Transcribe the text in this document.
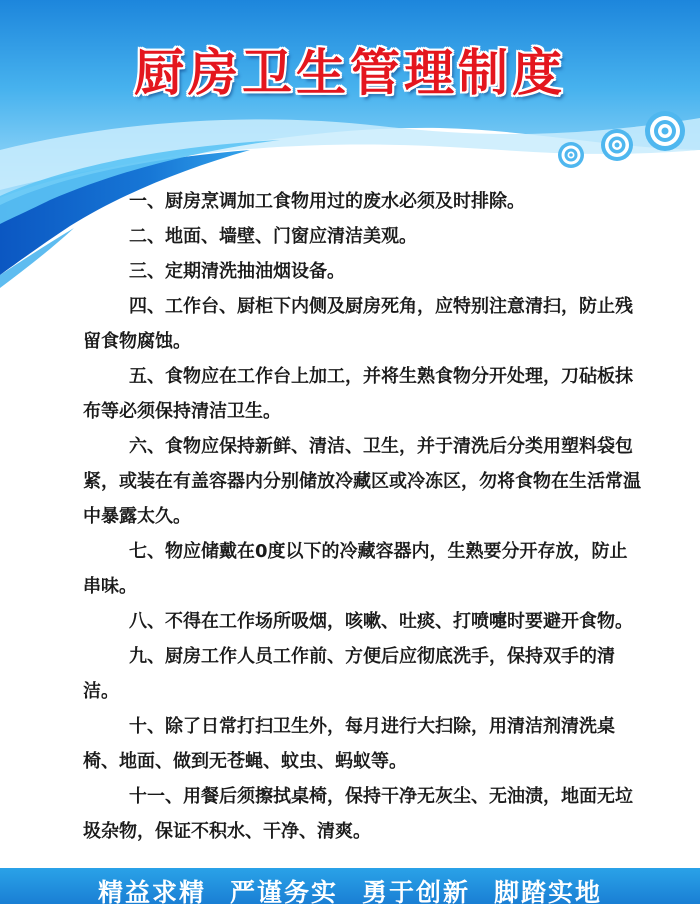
厨房卫生管理制度

一、厨房烹调加工食物用过的废水必须及时排除。

二、地面、墙壁、门窗应清洁美观。

三、定期清洗抽油烟设备。

四、工作台、厨柜下内侧及厨房死角，应特别注意清扫，防止残留食物腐蚀。

五、食物应在工作台上加工，并将生熟食物分开处理，刀砧板抹布等必须保持清洁卫生。

六、食物应保持新鲜、清洁、卫生，并于清洗后分类用塑料袋包紧，或装在有盖容器内分别储放冷藏区或冷冻区，勿将食物在生活常温中暴露太久。

七、物应储戴在0度以下的冷藏容器内，生熟要分开存放，防止串味。

八、不得在工作场所吸烟，咳嗽、吐痰、打喷嚏时要避开食物。

九、厨房工作人员工作前、方便后应彻底洗手，保持双手的清洁。

十、除了日常打扫卫生外，每月进行大扫除，用清洁剂清洗桌椅、地面、做到无苍蝇、蚊虫、蚂蚁等。

十一、用餐后须擦拭桌椅，保持干净无灰尘、无油渍，地面无垃圾杂物，保证不积水、干净、清爽。

精益求精 严谨务实 勇于创新 脚踏实地
